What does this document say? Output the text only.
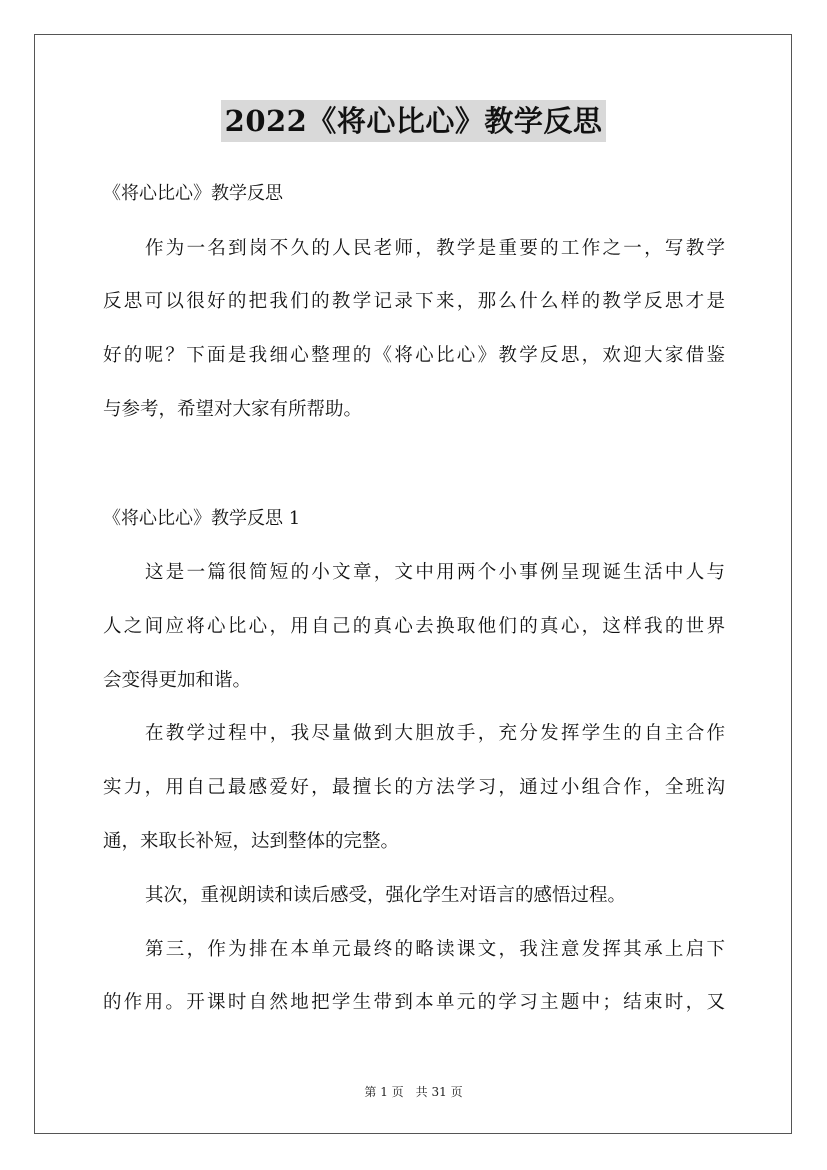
2022《将心比心》教学反思
《将心比心》教学反思
作为一名到岗不久的人民老师，教学是重要的工作之一，写教学
反思可以很好的把我们的教学记录下来，那么什么样的教学反思才是
好的呢？下面是我细心整理的《将心比心》教学反思，欢迎大家借鉴
与参考，希望对大家有所帮助。
《将心比心》教学反思 1
这是一篇很简短的小文章，文中用两个小事例呈现诞生活中人与
人之间应将心比心，用自己的真心去换取他们的真心，这样我的世界
会变得更加和谐。
在教学过程中，我尽量做到大胆放手，充分发挥学生的自主合作
实力，用自己最感爱好，最擅长的方法学习，通过小组合作，全班沟
通，来取长补短，达到整体的完整。
其次，重视朗读和读后感受，强化学生对语言的感悟过程。
第三，作为排在本单元最终的略读课文，我注意发挥其承上启下
的作用。开课时自然地把学生带到本单元的学习主题中；结束时，又
第 1 页　共 31 页
